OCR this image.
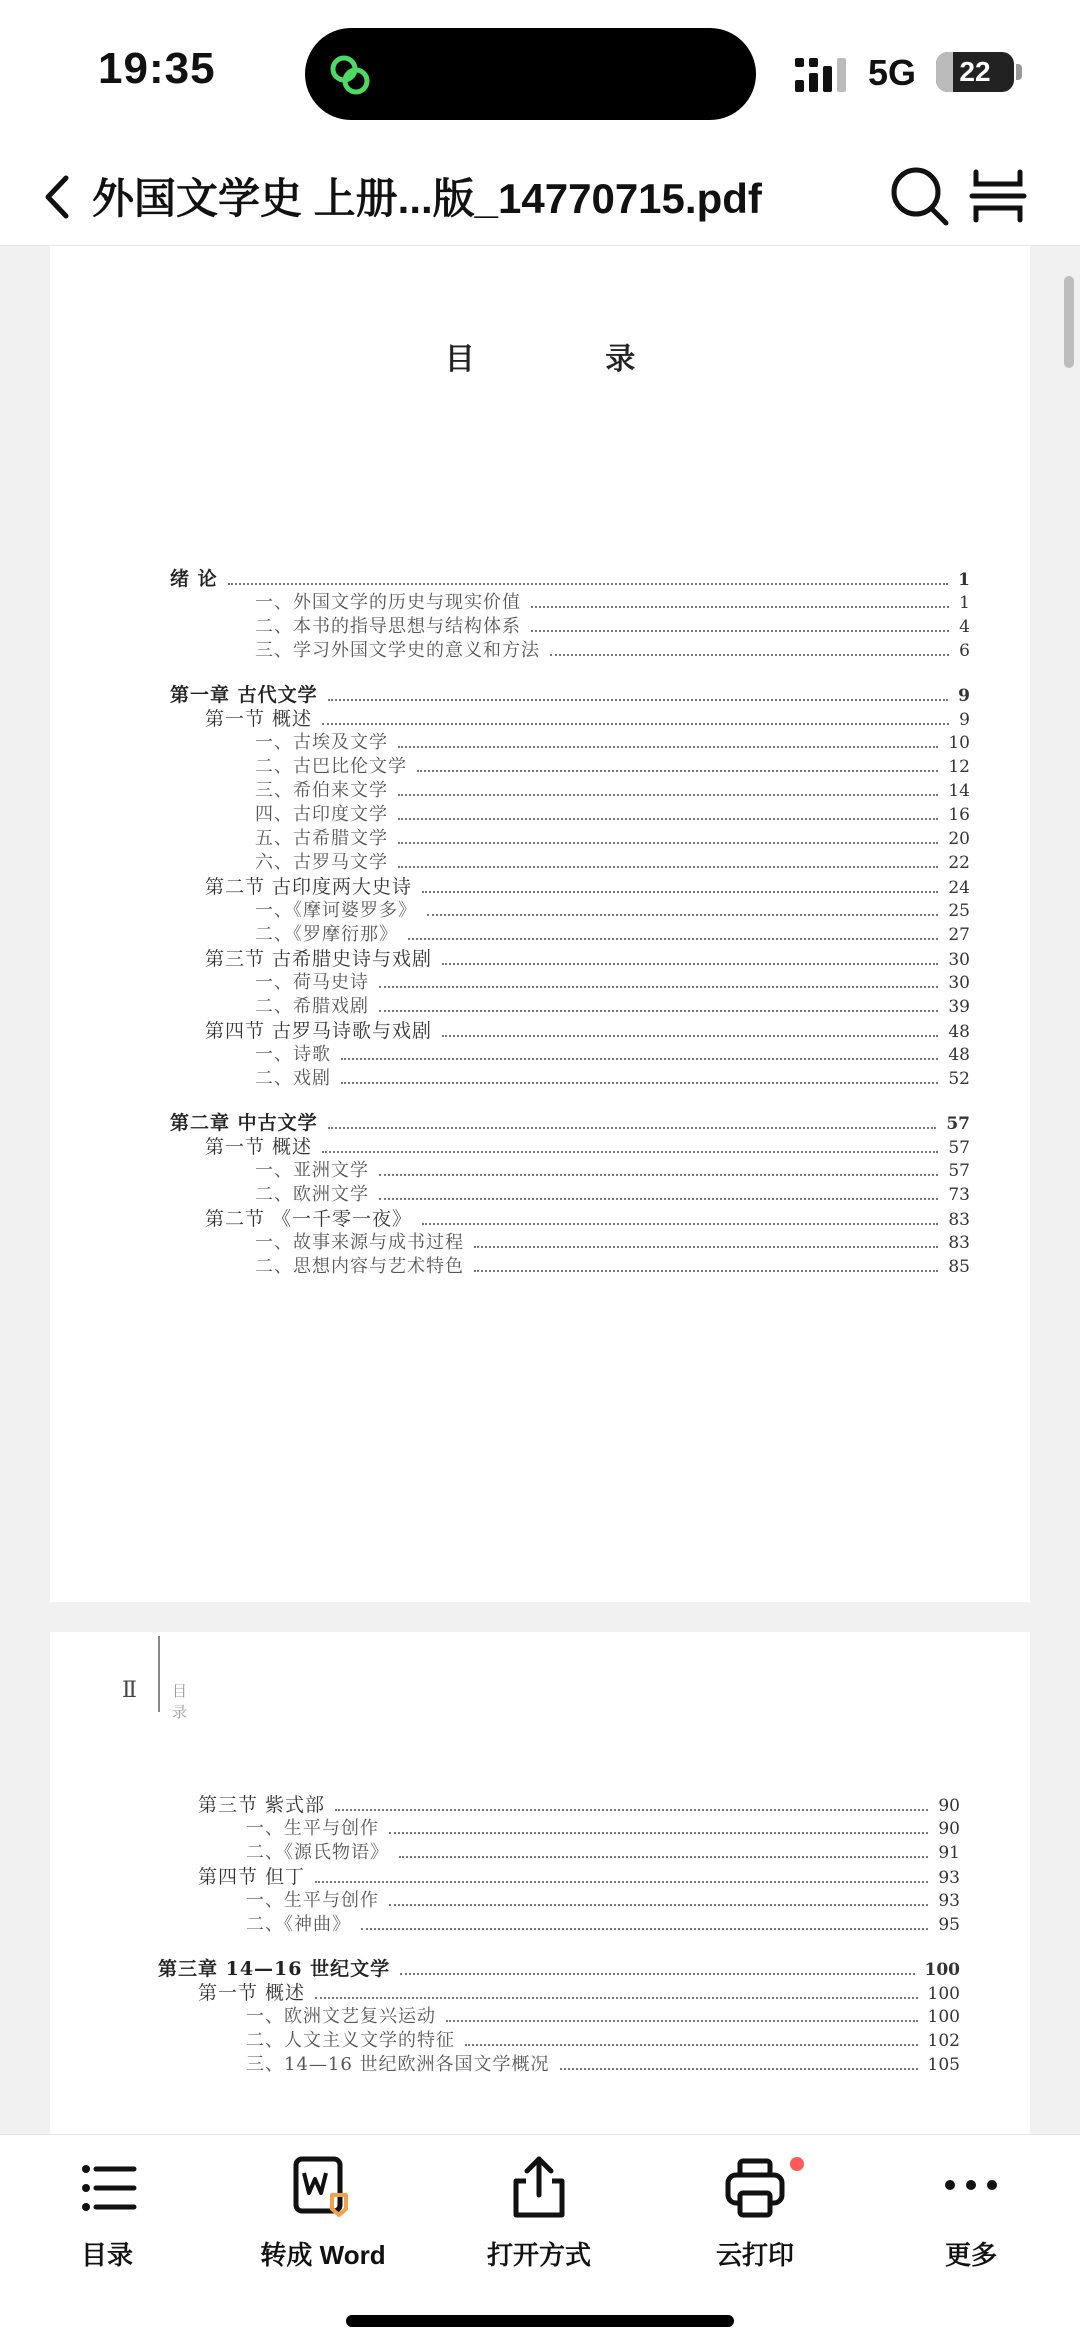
19:35	5G	22
外国文学史 上册...版_14770715.pdf
目 录
绪 论	1
一、外国文学的历史与现实价值	1
二、本书的指导思想与结构体系	4
三、学习外国文学史的意义和方法	6
第一章 古代文学	9
第一节 概述	9
一、古埃及文学	10
二、古巴比伦文学	12
三、希伯来文学	14
四、古印度文学	16
五、古希腊文学	20
六、古罗马文学	22
第二节 古印度两大史诗	24
一、《摩诃婆罗多》	25
二、《罗摩衍那》	27
第三节 古希腊史诗与戏剧	30
一、荷马史诗	30
二、希腊戏剧	39
第四节 古罗马诗歌与戏剧	48
一、诗歌	48
二、戏剧	52
第二章 中古文学	57
第一节 概述	57
一、亚洲文学	57
二、欧洲文学	73
第二节 《一千零一夜》	83
一、故事来源与成书过程	83
二、思想内容与艺术特色	85
Ⅱ 目 录
第三节 紫式部	90
一、生平与创作	90
二、《源氏物语》	91
第四节 但丁	93
一、生平与创作	93
二、《神曲》	95
第三章 14—16 世纪文学	100
第一节 概述	100
一、欧洲文艺复兴运动	100
二、人文主义文学的特征	102
三、14—16 世纪欧洲各国文学概况	105
目录	转成 Word	打开方式	云打印	更多
